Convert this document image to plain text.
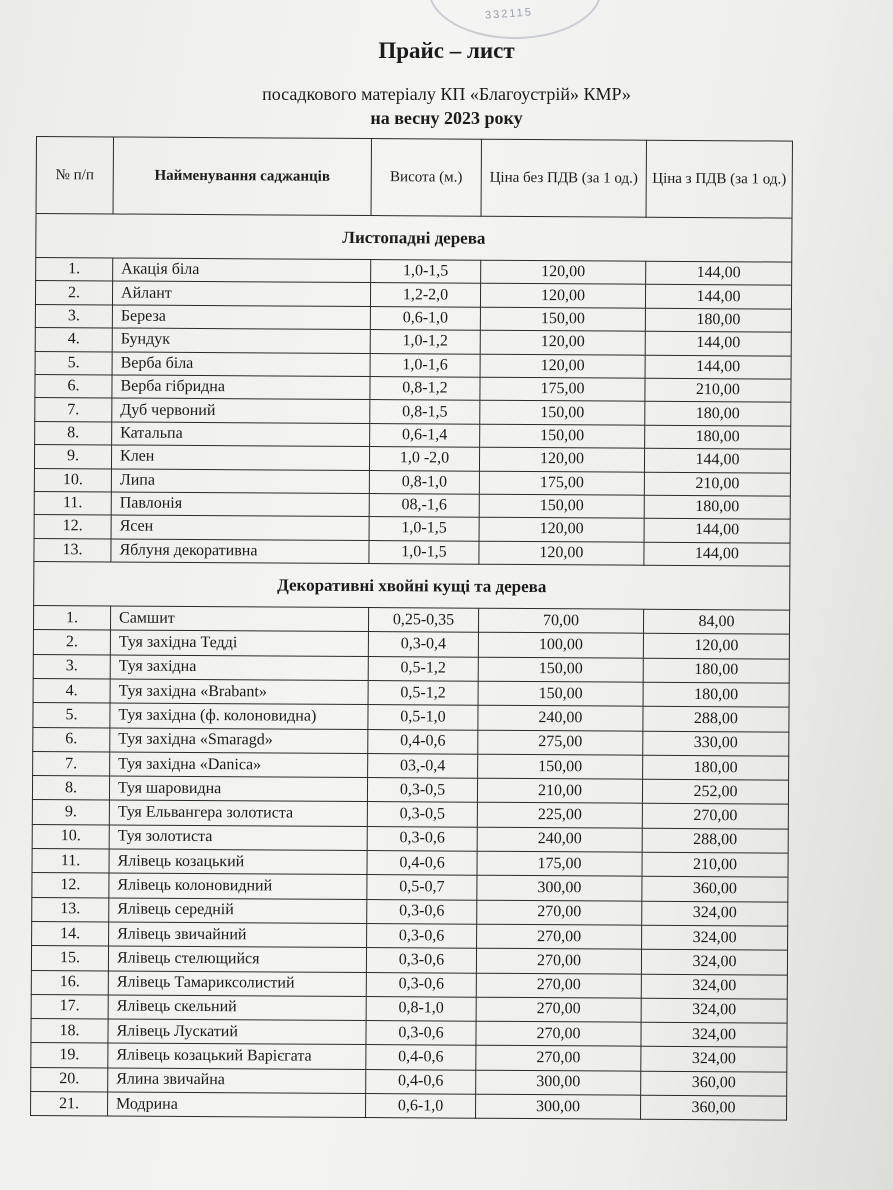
332115
Прайс – лист
посадкового матеріалу КП «Благоустрій» КМР»
на весну 2023 року
№ п/п	Найменування саджанців	Висота (м.)	Ціна без ПДВ (за 1 од.)	Ціна з ПДВ (за 1 од.)
Листопадні дерева				
1.	Акація біла	1,0-1,5	120,00	144,00
2.	Айлант	1,2-2,0	120,00	144,00
3.	Береза	0,6-1,0	150,00	180,00
4.	Бундук	1,0-1,2	120,00	144,00
5.	Верба біла	1,0-1,6	120,00	144,00
6.	Верба гібридна	0,8-1,2	175,00	210,00
7.	Дуб червоний	0,8-1,5	150,00	180,00
8.	Катальпа	0,6-1,4	150,00	180,00
9.	Клен	1,0 -2,0	120,00	144,00
10.	Липа	0,8-1,0	175,00	210,00
11.	Павлонія	08,-1,6	150,00	180,00
12.	Ясен	1,0-1,5	120,00	144,00
13.	Яблуня декоративна	1,0-1,5	120,00	144,00
Декоративні хвойні кущі та дерева				
1.	Самшит	0,25-0,35	70,00	84,00
2.	Туя західна Тедді	0,3-0,4	100,00	120,00
3.	Туя західна	0,5-1,2	150,00	180,00
4.	Туя західна «Brabant»	0,5-1,2	150,00	180,00
5.	Туя західна (ф. колоновидна)	0,5-1,0	240,00	288,00
6.	Туя західна «Smaragd»	0,4-0,6	275,00	330,00
7.	Туя західна «Danica»	03,-0,4	150,00	180,00
8.	Туя шаровидна	0,3-0,5	210,00	252,00
9.	Туя Ельвангера золотиста	0,3-0,5	225,00	270,00
10.	Туя золотиста	0,3-0,6	240,00	288,00
11.	Ялівець козацький	0,4-0,6	175,00	210,00
12.	Ялівець колоновидний	0,5-0,7	300,00	360,00
13.	Ялівець середній	0,3-0,6	270,00	324,00
14.	Ялівець звичайний	0,3-0,6	270,00	324,00
15.	Ялівець стелющийся	0,3-0,6	270,00	324,00
16.	Ялівець Тамариксолистий	0,3-0,6	270,00	324,00
17.	Ялівець скельний	0,8-1,0	270,00	324,00
18.	Ялівець Лускатий	0,3-0,6	270,00	324,00
19.	Ялівець козацький Варієгата	0,4-0,6	270,00	324,00
20.	Ялина звичайна	0,4-0,6	300,00	360,00
21.	Модрина	0,6-1,0	300,00	360,00
